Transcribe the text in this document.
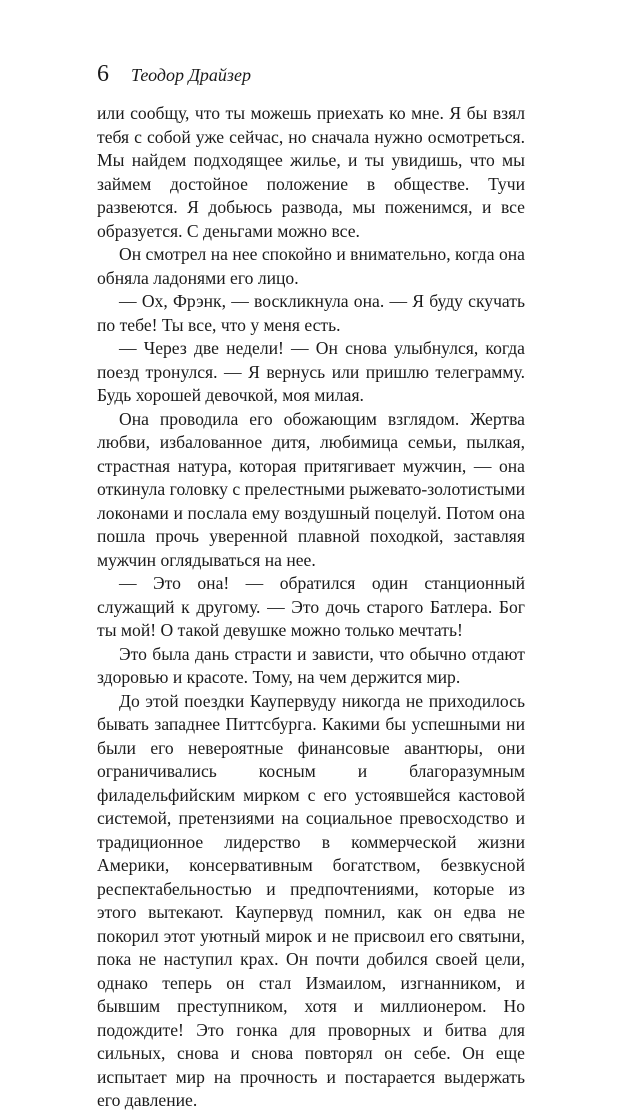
6 Теодор Драйзер

или сообщу, что ты можешь приехать ко мне. Я бы взял тебя с собой уже сейчас, но сначала нужно осмотреться. Мы найдем подходящее жилье, и ты увидишь, что мы займем достойное положение в обществе. Тучи развеются. Я добьюсь развода, мы поженимся, и все образуется. С деньгами можно все.

Он смотрел на нее спокойно и внимательно, когда она обняла ладонями его лицо.

— Ох, Фрэнк, — воскликнула она. — Я буду скучать по тебе! Ты все, что у меня есть.

— Через две недели! — Он снова улыбнулся, когда поезд тронулся. — Я вернусь или пришлю телеграмму. Будь хорошей девочкой, моя милая.

Она проводила его обожающим взглядом. Жертва любви, избалованное дитя, любимица семьи, пылкая, страстная натура, которая притягивает мужчин, — она откинула головку с прелестными рыжевато-золотистыми локонами и послала ему воздушный поцелуй. Потом она пошла прочь уверенной плавной походкой, заставляя мужчин оглядываться на нее.

— Это она! — обратился один станционный служащий к другому. — Это дочь старого Батлера. Бог ты мой! О такой девушке можно только мечтать!

Это была дань страсти и зависти, что обычно отдают здоровью и красоте. Тому, на чем держится мир.

До этой поездки Каупервуду никогда не приходилось бывать западнее Питтсбурга. Какими бы успешными ни были его невероятные финансовые авантюры, они ограничивались косным и благоразумным филадельфийским мирком с его устоявшейся кастовой системой, претензиями на социальное превосходство и традиционное лидерство в коммерческой жизни Америки, консервативным богатством, безвкусной респектабельностью и предпочтениями, которые из этого вытекают. Каупервуд помнил, как он едва не покорил этот уютный мирок и не присвоил его святыни, пока не наступил крах. Он почти добился своей цели, однако теперь он стал Измаилом, изгнанником, и бывшим преступником, хотя и миллионером. Но подождите! Это гонка для проворных и битва для сильных, снова и снова повторял он себе. Он еще испытает мир на прочность и постарается выдержать его давление.
